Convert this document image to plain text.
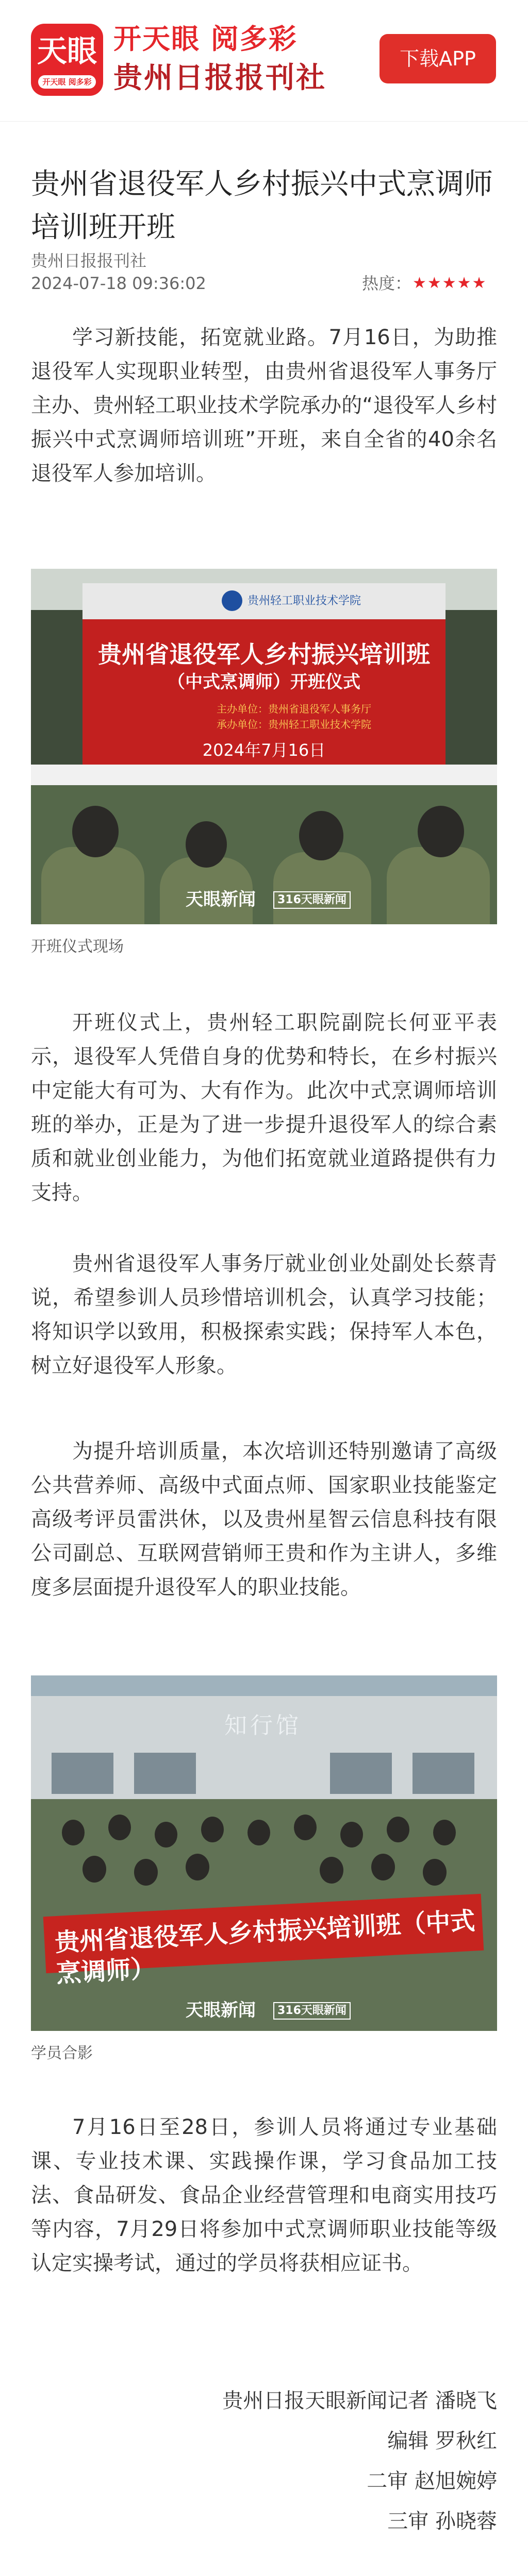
天眼
开天眼 阅多彩
开天眼 阅多彩
贵州日报报刊社
下载APP
贵州省退役军人乡村振兴中式烹调师培训班开班
贵州日报报刊社
2024-07-18 09:36:02	热度： ★★★★★

学习新技能，拓宽就业路。7月16日，为助推退役军人实现职业转型，由贵州省退役军人事务厅主办、贵州轻工职业技术学院承办的“退役军人乡村振兴中式烹调师培训班”开班，来自全省的40余名退役军人参加培训。

贵州轻工职业技术学院
贵州省退役军人乡村振兴培训班
（中式烹调师）开班仪式
主办单位：贵州省退役军人事务厅
承办单位：贵州轻工职业技术学院
2024年7月16日
天眼新闻	316天眼新闻
开班仪式现场

开班仪式上，贵州轻工职院副院长何亚平表示，退役军人凭借自身的优势和特长，在乡村振兴中定能大有可为、大有作为。此次中式烹调师培训班的举办，正是为了进一步提升退役军人的综合素质和就业创业能力，为他们拓宽就业道路提供有力支持。

贵州省退役军人事务厅就业创业处副处长蔡青说，希望参训人员珍惜培训机会，认真学习技能；将知识学以致用，积极探索实践；保持军人本色，树立好退役军人形象。

为提升培训质量，本次培训还特别邀请了高级公共营养师、高级中式面点师、国家职业技能鉴定高级考评员雷洪休，以及贵州星智云信息科技有限公司副总、互联网营销师王贵和作为主讲人，多维度多层面提升退役军人的职业技能。

知行馆
贵州省退役军人乡村振兴培训班（中式烹调师）
天眼新闻	316天眼新闻
学员合影

7月16日至28日，参训人员将通过专业基础课、专业技术课、实践操作课，学习食品加工技法、食品研发、食品企业经营管理和电商实用技巧等内容，7月29日将参加中式烹调师职业技能等级认定实操考试，通过的学员将获相应证书。

贵州日报天眼新闻记者 潘晓飞
编辑 罗秋红
二审 赵旭婉婷
三审 孙晓蓉
